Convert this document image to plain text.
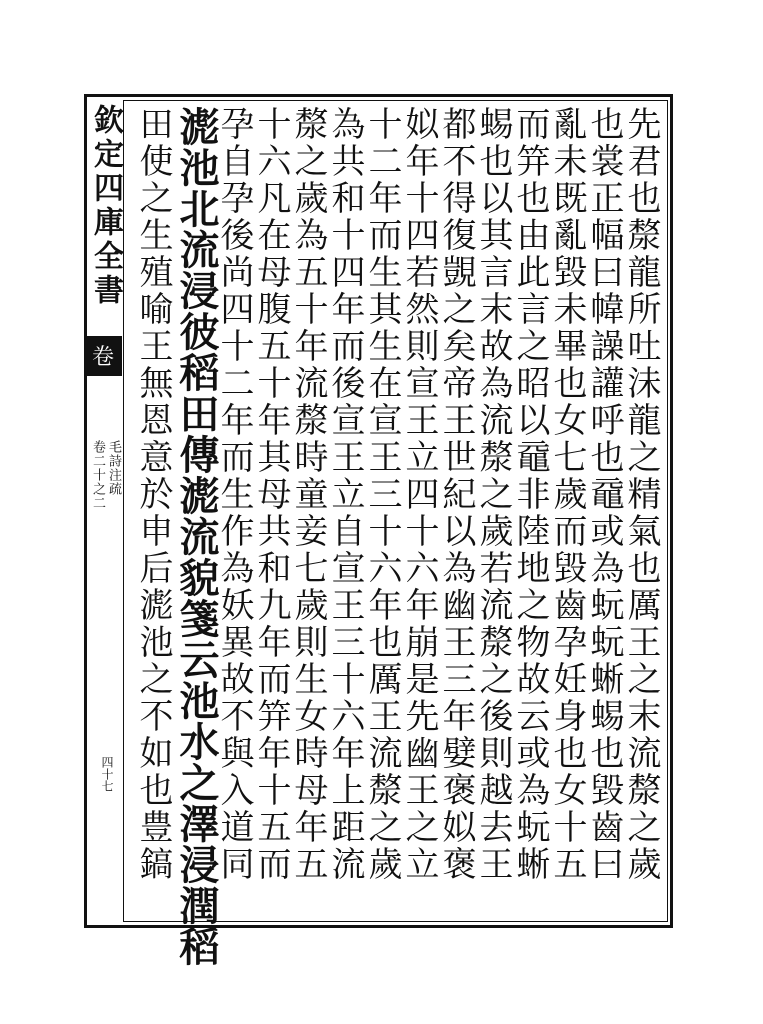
欽定四庫全書
卷
毛詩注疏
卷二十之二
四十七	先君也漦龍所吐沬龍之精氣也厲王之末流漦之歲
也裳正幅曰幃譟讙呼也黿或為蚖蚖蜥蜴也毀齒曰
亂未既亂毀未畢也女七歲而毀齒孕妊身也女十五
而笄也由此言之昭以黿非陸地之物故云或為蚖蜥
蜴也以其言末故為流漦之歲若流漦之後則越去王
都不得復覬之矣帝王世紀以為幽王三年嬖褒姒褒
姒年十四若然則宣王立四十六年崩是先幽王之立
十二年而生其生在宣王三十六年也厲王流漦之歲
為共和十四年而後宣王立自宣王三十六年上距流
漦之歲為五十年流漦時童妾七歲則生女時母年五
十六凡在母腹五十年其母共和九年而笄年十五而
孕自孕後尚四十二年而生作為妖異故不與入道同
滮池北流浸彼稻田傳滮流貌箋云池水之澤浸潤稻
田使之生殖喻王無恩意於申后滮池之不如也豊鎬
